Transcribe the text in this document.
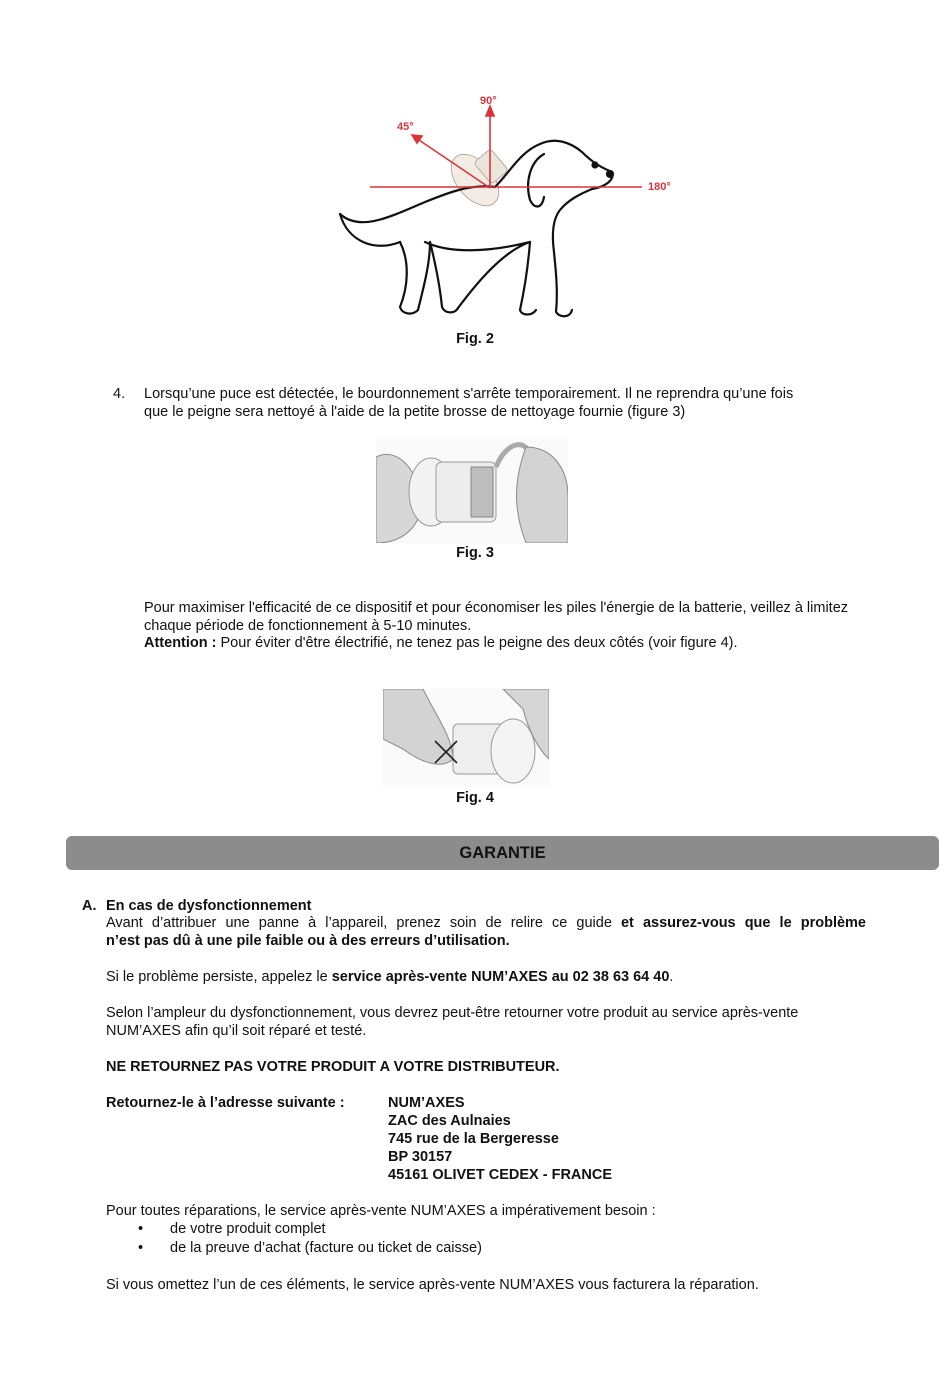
90°
45°
180°
Fig. 2
4. Lorsqu’une puce est détectée, le bourdonnement s'arrête temporairement. Il ne reprendra qu’une fois
que le peigne sera nettoyé à l'aide de la petite brosse de nettoyage fournie (figure 3)
Fig. 3
Pour maximiser l'efficacité de ce dispositif et pour économiser les piles l'énergie de la batterie, veillez à limitez
chaque période de fonctionnement à 5-10 minutes.
Attention : Pour éviter d'être électrifié, ne tenez pas le peigne des deux côtés (voir figure 4).
Fig. 4
GARANTIE
A. En cas de dysfonctionnement
Avant d’attribuer une panne à l’appareil, prenez soin de relire ce guide et assurez-vous que le problème
n’est pas dû à une pile faible ou à des erreurs d’utilisation.
Si le problème persiste, appelez le service après-vente NUM’AXES au 02 38 63 64 40.
Selon l’ampleur du dysfonctionnement, vous devrez peut-être retourner votre produit au service après-vente
NUM’AXES afin qu’il soit réparé et testé.
NE RETOURNEZ PAS VOTRE PRODUIT A VOTRE DISTRIBUTEUR.
Retournez-le à l’adresse suivante :	NUM’AXES
ZAC des Aulnaies
745 rue de la Bergeresse
BP 30157
45161 OLIVET CEDEX - FRANCE
Pour toutes réparations, le service après-vente NUM’AXES a impérativement besoin :
• de votre produit complet
• de la preuve d’achat (facture ou ticket de caisse)
Si vous omettez l’un de ces éléments, le service après-vente NUM’AXES vous facturera la réparation.
